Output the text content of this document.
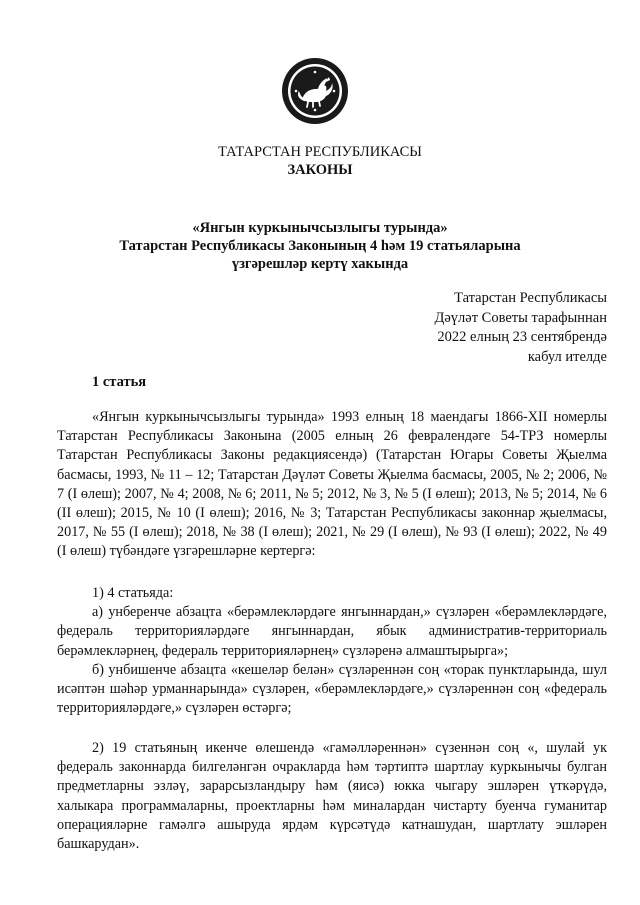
ТАТАРСТАН РЕСПУБЛИКАСЫ
ЗАКОНЫ
«Янгын куркынычсызлыгы турында»
Татарстан Республикасы Законының 4 һәм 19 статьяларына
үзгәрешләр кертү хакында
Татарстан Республикасы
Дәүләт Советы тарафыннан
2022 елның 23 сентябрендә
кабул ителде
1 статья

«Янгын куркынычсызлыгы турында» 1993 елның 18 маендагы 1866-XII номерлы Татарстан Республикасы Законына (2005 елның 26 февралендәге 54-ТРЗ номерлы Татарстан Республикасы Законы редакциясендә) (Татарстан Югары Советы Җыелма басмасы, 1993, № 11 – 12; Татарстан Дәүләт Советы Җыелма басмасы, 2005, № 2; 2006, № 7 (I өлеш); 2007, № 4; 2008, № 6; 2011, № 5; 2012, № 3, № 5 (I өлеш); 2013, № 5; 2014, № 6 (II өлеш); 2015, № 10 (I өлеш); 2016, № 3; Татарстан Республикасы законнар җыелмасы, 2017, № 55 (I өлеш); 2018, № 38 (I өлеш); 2021, № 29 (I өлеш), № 93 (I өлеш); 2022, № 49 (I өлеш) түбәндәге үзгәрешләрне кертергә:

1) 4 статьяда:

а) унберенче абзацта «берәмлекләрдәге янгыннардан,» сүзләрен «берәмлекләрдәге, федераль территорияләрдәге янгыннардан, ябык административ-территориаль берәмлекләрнең, федераль территорияләрнең» сүзләренә алмаштырырга»;

б) унбишенче абзацта «кешеләр белән» сүзләреннән соң «торак пунктларында, шул исәптән шәһәр урманнарында» сүзләрен, «берәмлекләрдәге,» сүзләреннән соң «федераль территорияләрдәге,» сүзләрен өстәргә;

2) 19 статьяның икенче өлешендә «гамәлләреннән» сүзеннән соң «, шулай ук федераль законнарда билгеләнгән очракларда һәм тәртиптә шартлау куркынычы булган предметларны эзләү, зарарсызландыру һәм (яисә) юкка чыгару эшләрен үткәрүдә, халыкара программаларны, проектларны һәм миналардан чистарту буенча гуманитар операцияләрне гамәлгә ашыруда ярдәм күрсәтүдә катнашудан, шартлату эшләрен башкарудан».
